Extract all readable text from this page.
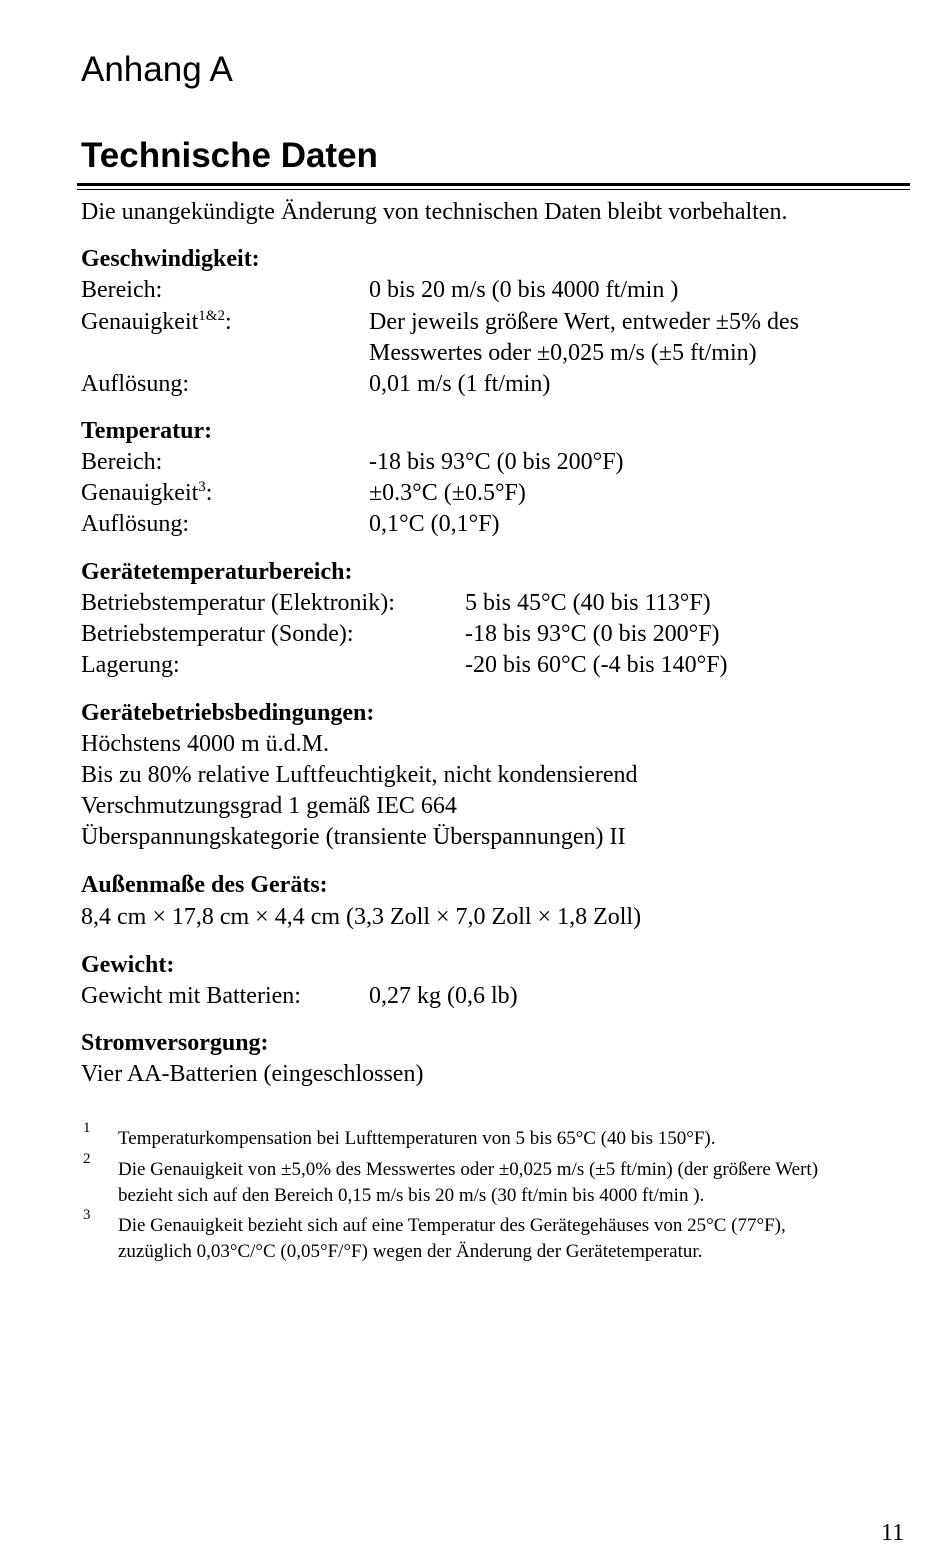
Anhang A
Technische Daten
Die unangekündigte Änderung von technischen Daten bleibt vorbehalten.
Geschwindigkeit:
Bereich:	0 bis 20 m/s (0 bis 4000 ft/min )
Genauigkeit$^{1\&2}$:	Der jeweils größere Wert, entweder ±5% des
Messwertes oder ±0,025 m/s (±5 ft/min)
Auflösung:	0,01 m/s (1 ft/min)
Temperatur:
Bereich:	-18 bis 93°C (0 bis 200°F)
Genauigkeit$^3$:	±0.3°C (±0.5°F)
Auflösung:	0,1°C (0,1°F)
Gerätetemperaturbereich:
Betriebstemperatur (Elektronik):	5 bis 45°C (40 bis 113°F)
Betriebstemperatur (Sonde):	-18 bis 93°C (0 bis 200°F)
Lagerung:	-20 bis 60°C (-4 bis 140°F)
Gerätebetriebsbedingungen:
Höchstens 4000 m ü.d.M.
Bis zu 80% relative Luftfeuchtigkeit, nicht kondensierend
Verschmutzungsgrad 1 gemäß IEC 664
Überspannungskategorie (transiente Überspannungen) II
Außenmaße des Geräts:
8,4 cm × 17,8 cm × 4,4 cm (3,3 Zoll × 7,0 Zoll × 1,8 Zoll)
Gewicht:
Gewicht mit Batterien:	0,27 kg (0,6 lb)
Stromversorgung:
Vier AA-Batterien (eingeschlossen)
1 Temperaturkompensation bei Lufttemperaturen von 5 bis 65°C (40 bis 150°F).
2 Die Genauigkeit von ±5,0% des Messwertes oder ±0,025 m/s (±5 ft/min) (der größere Wert)
bezieht sich auf den Bereich 0,15 m/s bis 20 m/s (30 ft/min bis 4000 ft/min ).
3 Die Genauigkeit bezieht sich auf eine Temperatur des Gerätegehäuses von 25°C (77°F),
zuzüglich 0,03°C/°C (0,05°F/°F) wegen der Änderung der Gerätetemperatur.
11
